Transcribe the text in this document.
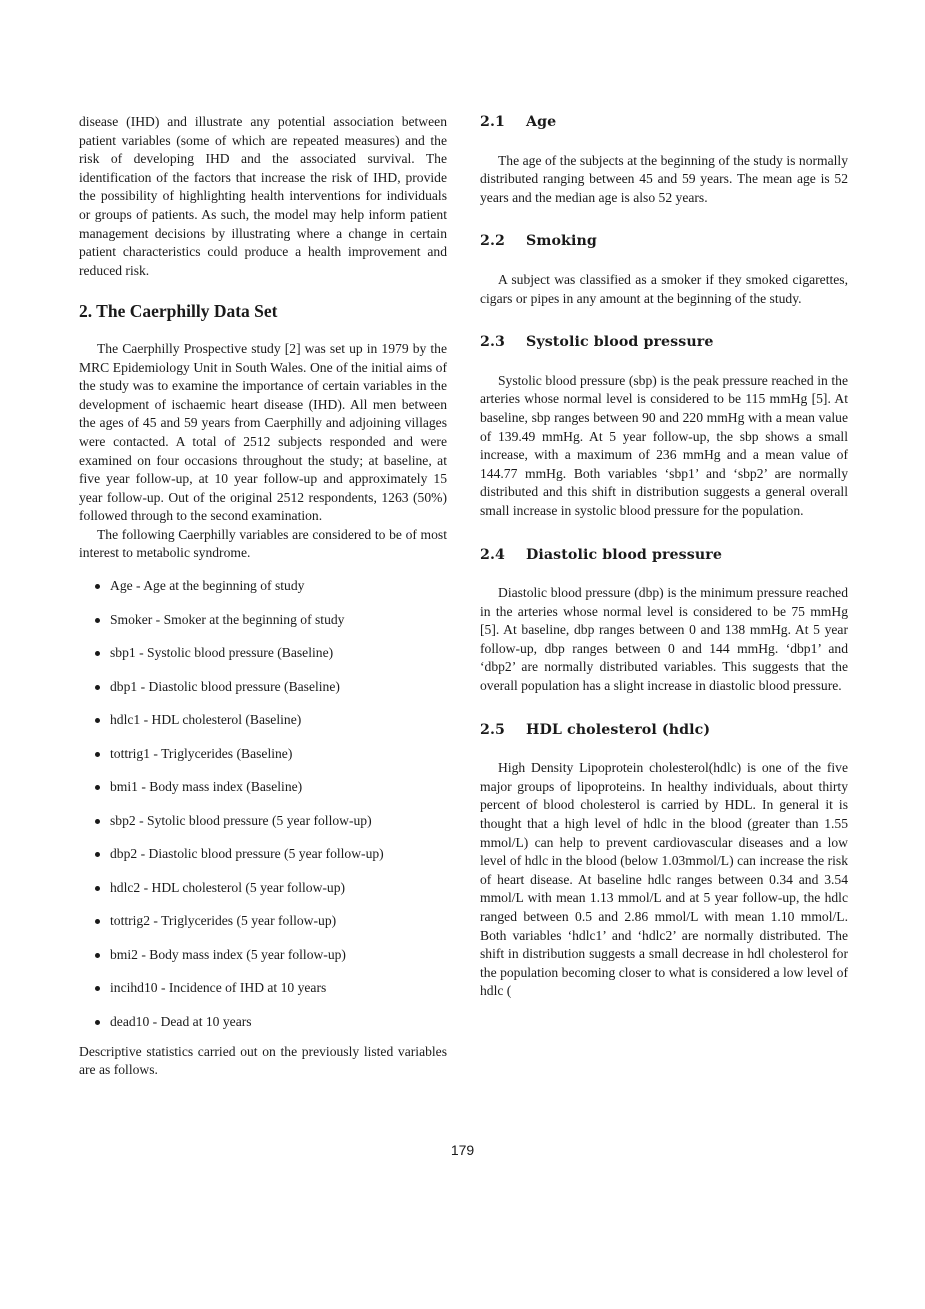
disease (IHD) and illustrate any potential association between patient variables (some of which are repeated measures) and the risk of developing IHD and the associated survival. The identification of the factors that increase the risk of IHD, provide the possibility of highlighting health interventions for individuals or groups of patients. As such, the model may help inform patient management decisions by illustrating where a change in certain patient characteristics could produce a health improvement and reduced risk.

2. The Caerphilly Data Set

The Caerphilly Prospective study [2] was set up in 1979 by the MRC Epidemiology Unit in South Wales. One of the initial aims of the study was to examine the importance of certain variables in the development of ischaemic heart disease (IHD). All men between the ages of 45 and 59 years from Caerphilly and adjoining villages were contacted. A total of 2512 subjects responded and were examined on four occasions throughout the study; at baseline, at five year follow-up, at 10 year follow-up and approximately 15 year follow-up. Out of the original 2512 respondents, 1263 (50%) followed through to the second examination.

The following Caerphilly variables are considered to be of most interest to metabolic syndrome.

Age - Age at the beginning of study
Smoker - Smoker at the beginning of study
sbp1 - Systolic blood pressure (Baseline)
dbp1 - Diastolic blood pressure (Baseline)
hdlc1 - HDL cholesterol (Baseline)
tottrig1 - Triglycerides (Baseline)
bmi1 - Body mass index (Baseline)
sbp2 - Sytolic blood pressure (5 year follow-up)
dbp2 - Diastolic blood pressure (5 year follow-up)
hdlc2 - HDL cholesterol (5 year follow-up)
tottrig2 - Triglycerides (5 year follow-up)
bmi2 - Body mass index (5 year follow-up)
incihd10 - Incidence of IHD at 10 years
dead10 - Dead at 10 years

Descriptive statistics carried out on the previously listed variables are as follows.

2.1 Age

The age of the subjects at the beginning of the study is normally distributed ranging between 45 and 59 years. The mean age is 52 years and the median age is also 52 years.

2.2 Smoking

A subject was classified as a smoker if they smoked cigarettes, cigars or pipes in any amount at the beginning of the study.

2.3 Systolic blood pressure

Systolic blood pressure (sbp) is the peak pressure reached in the arteries whose normal level is considered to be 115 mmHg [5]. At baseline, sbp ranges between 90 and 220 mmHg with a mean value of 139.49 mmHg. At 5 year follow-up, the sbp shows a small increase, with a maximum of 236 mmHg and a mean value of 144.77 mmHg. Both variables ‘sbp1’ and ‘sbp2’ are normally distributed and this shift in distribution suggests a general overall small increase in systolic blood pressure for the population.

2.4 Diastolic blood pressure

Diastolic blood pressure (dbp) is the minimum pressure reached in the arteries whose normal level is considered to be 75 mmHg [5]. At baseline, dbp ranges between 0 and 138 mmHg. At 5 year follow-up, dbp ranges between 0 and 144 mmHg. ‘dbp1’ and ‘dbp2’ are normally distributed variables. This suggests that the overall population has a slight increase in diastolic blood pressure.

2.5 HDL cholesterol (hdlc)

High Density Lipoprotein cholesterol(hdlc) is one of the five major groups of lipoproteins. In healthy individuals, about thirty percent of blood cholesterol is carried by HDL. In general it is thought that a high level of hdlc in the blood (greater than 1.55 mmol/L) can help to prevent cardiovascular diseases and a low level of hdlc in the blood (below 1.03mmol/L) can increase the risk of heart disease. At baseline hdlc ranges between 0.34 and 3.54 mmol/L with mean 1.13 mmol/L and at 5 year follow-up, the hdlc ranged between 0.5 and 2.86 mmol/L with mean 1.10 mmol/L. Both variables ‘hdlc1’ and ‘hdlc2’ are normally distributed. The shift in distribution suggests a small decrease in hdl cholesterol for the population becoming closer to what is considered a low level of hdlc (

179
